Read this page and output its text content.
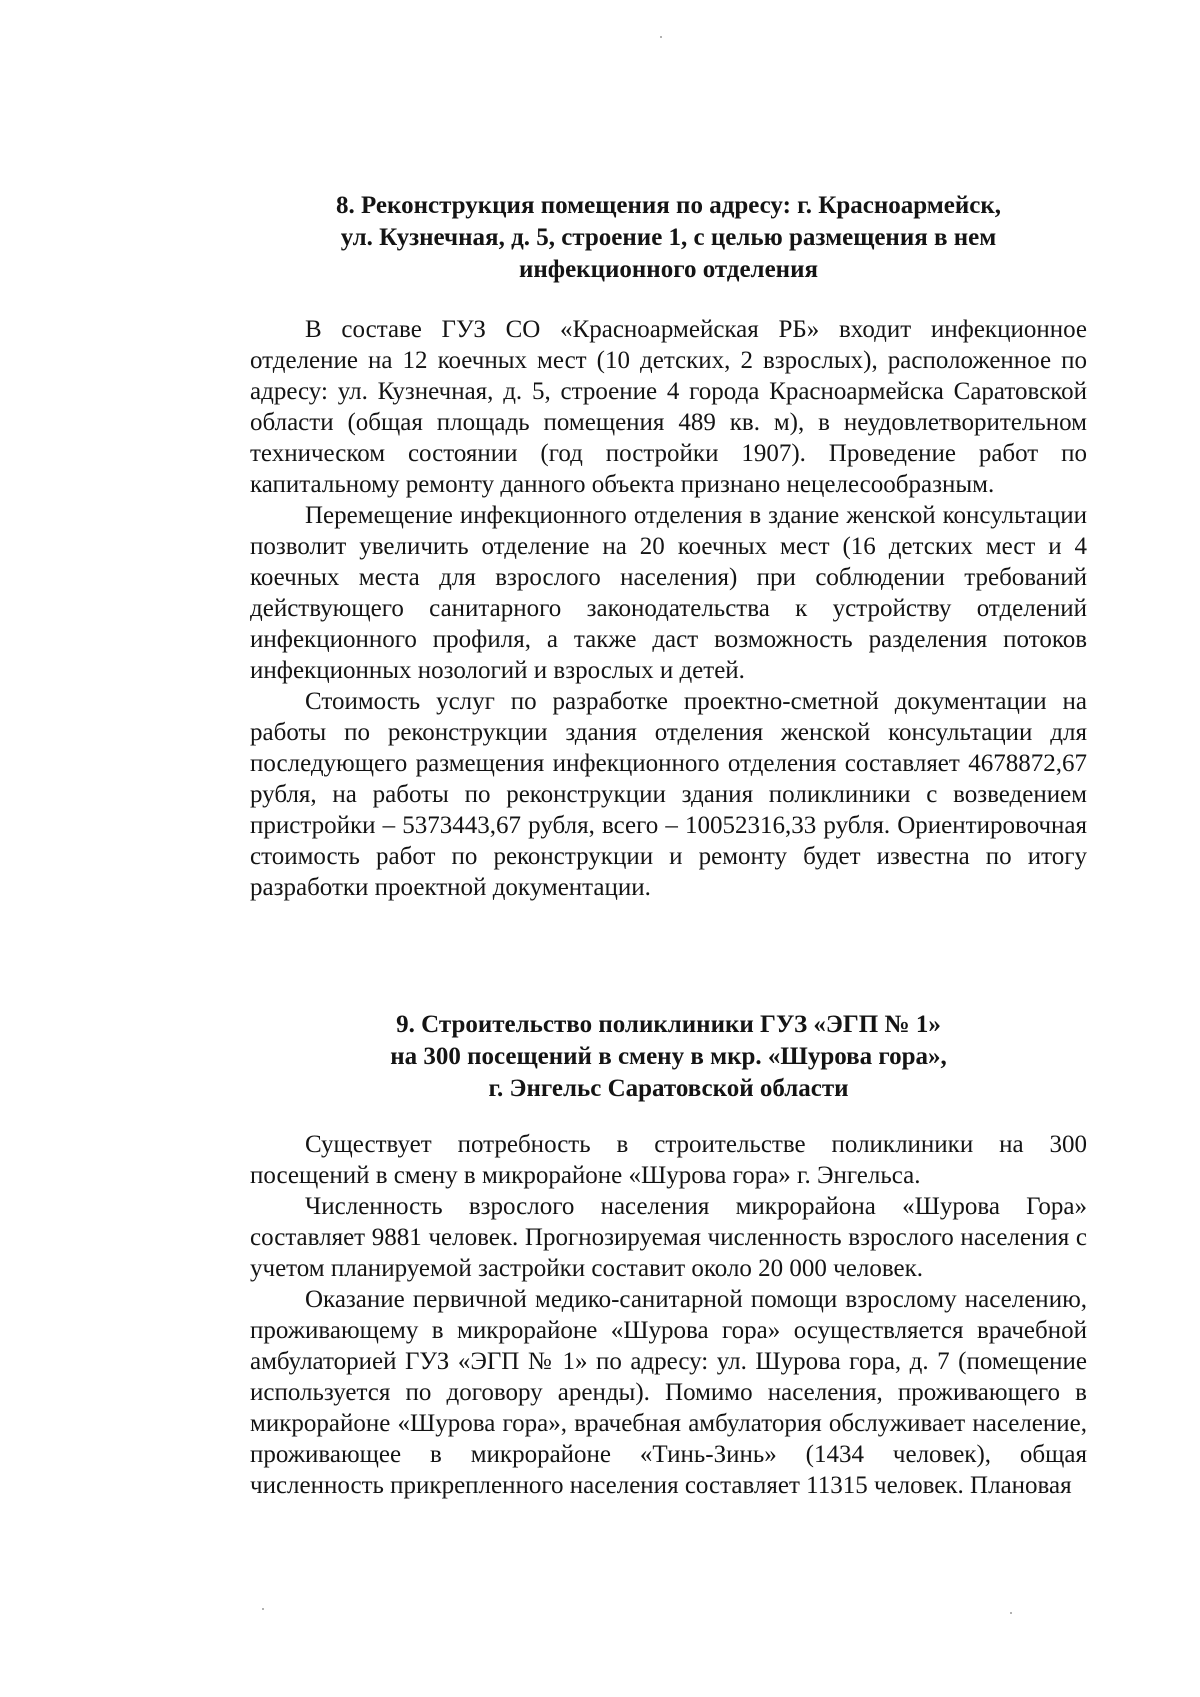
8. Реконструкция помещения по адресу: г. Красноармейск,
ул. Кузнечная, д. 5, строение 1, с целью размещения в нем
инфекционного отделения

В составе ГУЗ СО «Красноармейская РБ» входит инфекционное отделение на 12 коечных мест (10 детских, 2 взрослых), расположенное по адресу: ул. Кузнечная, д. 5, строение 4 города Красноармейска Саратовской области (общая площадь помещения 489 кв. м), в неудовлетворительном техническом состоянии (год постройки 1907). Проведение работ по капитальному ремонту данного объекта признано нецелесообразным.

Перемещение инфекционного отделения в здание женской консультации позволит увеличить отделение на 20 коечных мест (16 детских мест и 4 коечных места для взрослого населения) при соблюдении требований действующего санитарного законодательства к устройству отделений инфекционного профиля, а также даст возможность разделения потоков инфекционных нозологий и взрослых и детей.

Стоимость услуг по разработке проектно-сметной документации на работы по реконструкции здания отделения женской консультации для последующего размещения инфекционного отделения составляет 4678872,67 рубля, на работы по реконструкции здания поликлиники с возведением пристройки – 5373443,67 рубля, всего – 10052316,33 рубля. Ориентировочная стоимость работ по реконструкции и ремонту будет известна по итогу разработки проектной документации.

9. Строительство поликлиники ГУЗ «ЭГП № 1»
на 300 посещений в смену в мкр. «Шурова гора»,
г. Энгельс Саратовской области

Существует потребность в строительстве поликлиники на 300 посещений в смену в микрорайоне «Шурова гора» г. Энгельса.

Численность взрослого населения микрорайона «Шурова Гора» составляет 9881 человек. Прогнозируемая численность взрослого населения с учетом планируемой застройки составит около 20 000 человек.

Оказание первичной медико-санитарной помощи взрослому населению, проживающему в микрорайоне «Шурова гора» осуществляется врачебной амбулаторией ГУЗ «ЭГП № 1» по адресу: ул. Шурова гора, д. 7 (помещение используется по договору аренды). Помимо населения, проживающего в микрорайоне «Шурова гора», врачебная амбулатория обслуживает население, проживающее в микрорайоне «Тинь-Зинь» (1434 человек), общая численность прикрепленного населения составляет 11315 человек. Плановая
